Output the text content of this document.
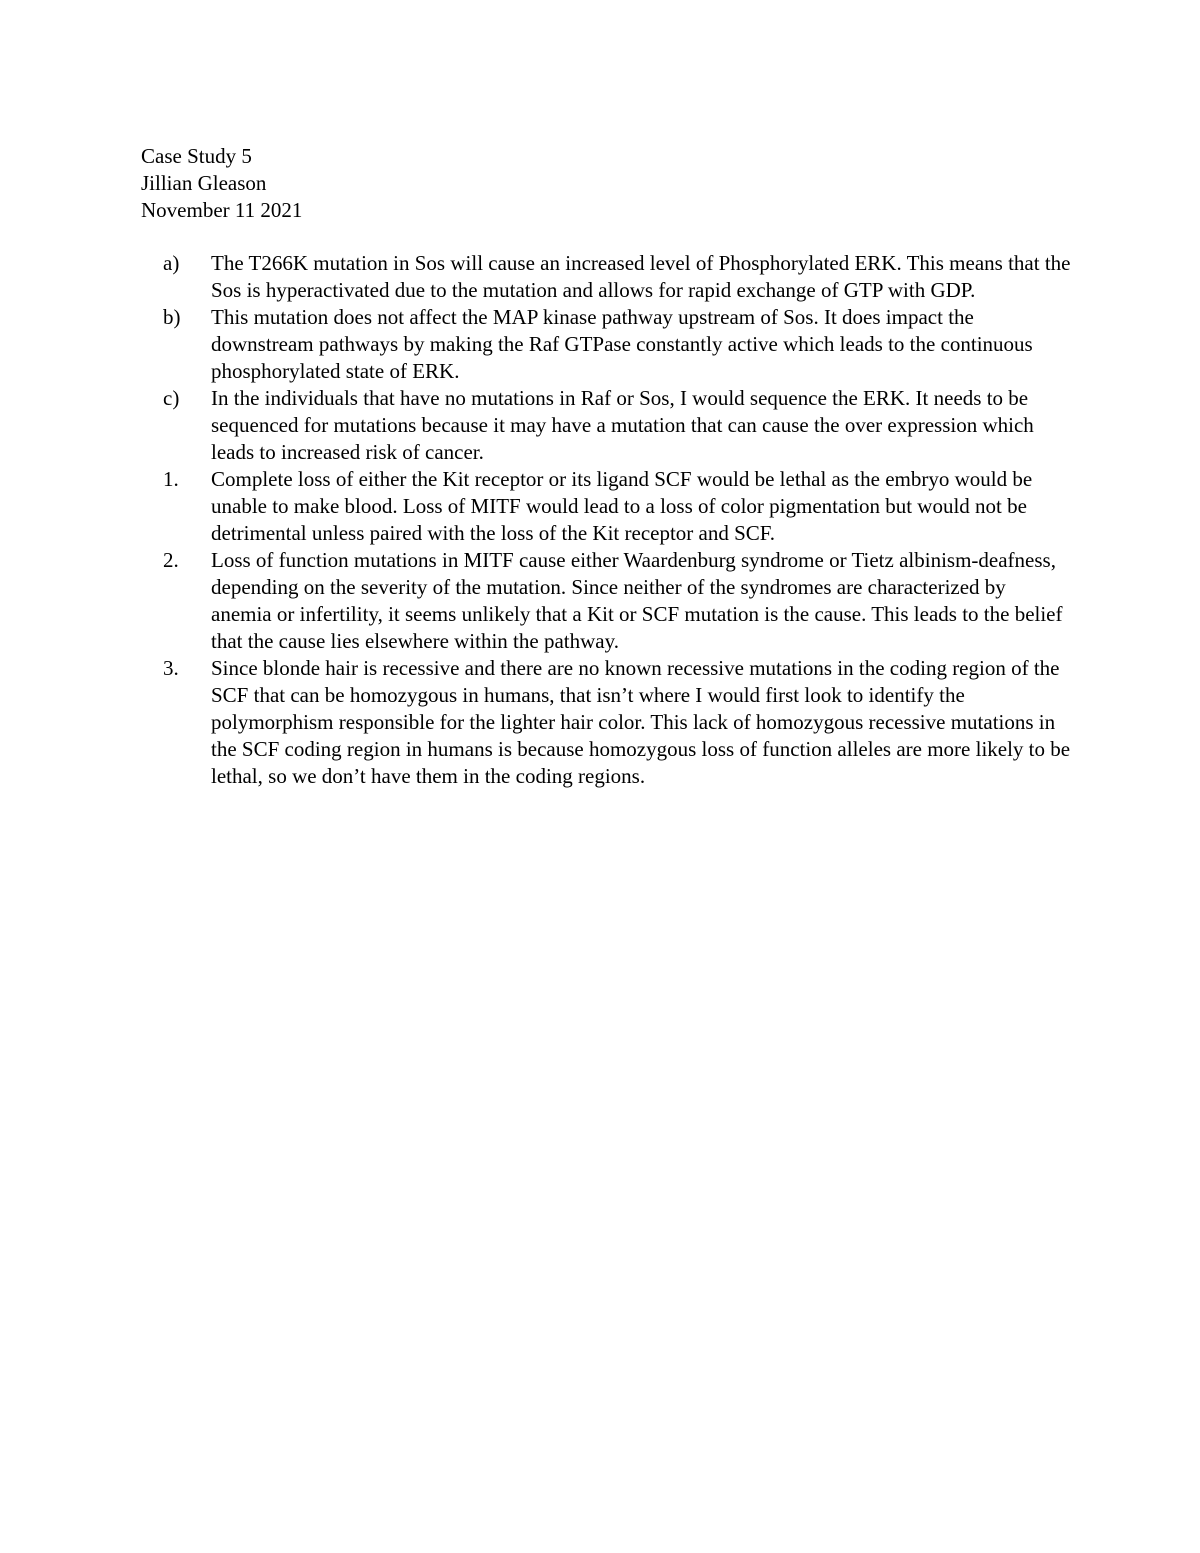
Case Study 5
Jillian Gleason
November 11 2021
a)	The T266K mutation in Sos will cause an increased level of Phosphorylated ERK. This means that the Sos is hyperactivated due to the mutation and allows for rapid exchange of GTP with GDP.
b)	This mutation does not affect the MAP kinase pathway upstream of Sos. It does impact the downstream pathways by making the Raf GTPase constantly active which leads to the continuous phosphorylated state of ERK.
c)	In the individuals that have no mutations in Raf or Sos, I would sequence the ERK. It needs to be sequenced for mutations because it may have a mutation that can cause the over expression which leads to increased risk of cancer.
1.	Complete loss of either the Kit receptor or its ligand SCF would be lethal as the embryo would be unable to make blood. Loss of MITF would lead to a loss of color pigmentation but would not be detrimental unless paired with the loss of the Kit receptor and SCF.
2.	Loss of function mutations in MITF cause either Waardenburg syndrome or Tietz albinism-deafness, depending on the severity of the mutation. Since neither of the syndromes are characterized by anemia or infertility, it seems unlikely that a Kit or SCF mutation is the cause. This leads to the belief that the cause lies elsewhere within the pathway.
3.	Since blonde hair is recessive and there are no known recessive mutations in the coding region of the SCF that can be homozygous in humans, that isn’t where I would first look to identify the polymorphism responsible for the lighter hair color. This lack of homozygous recessive mutations in the SCF coding region in humans is because homozygous loss of function alleles are more likely to be lethal, so we don’t have them in the coding regions.
